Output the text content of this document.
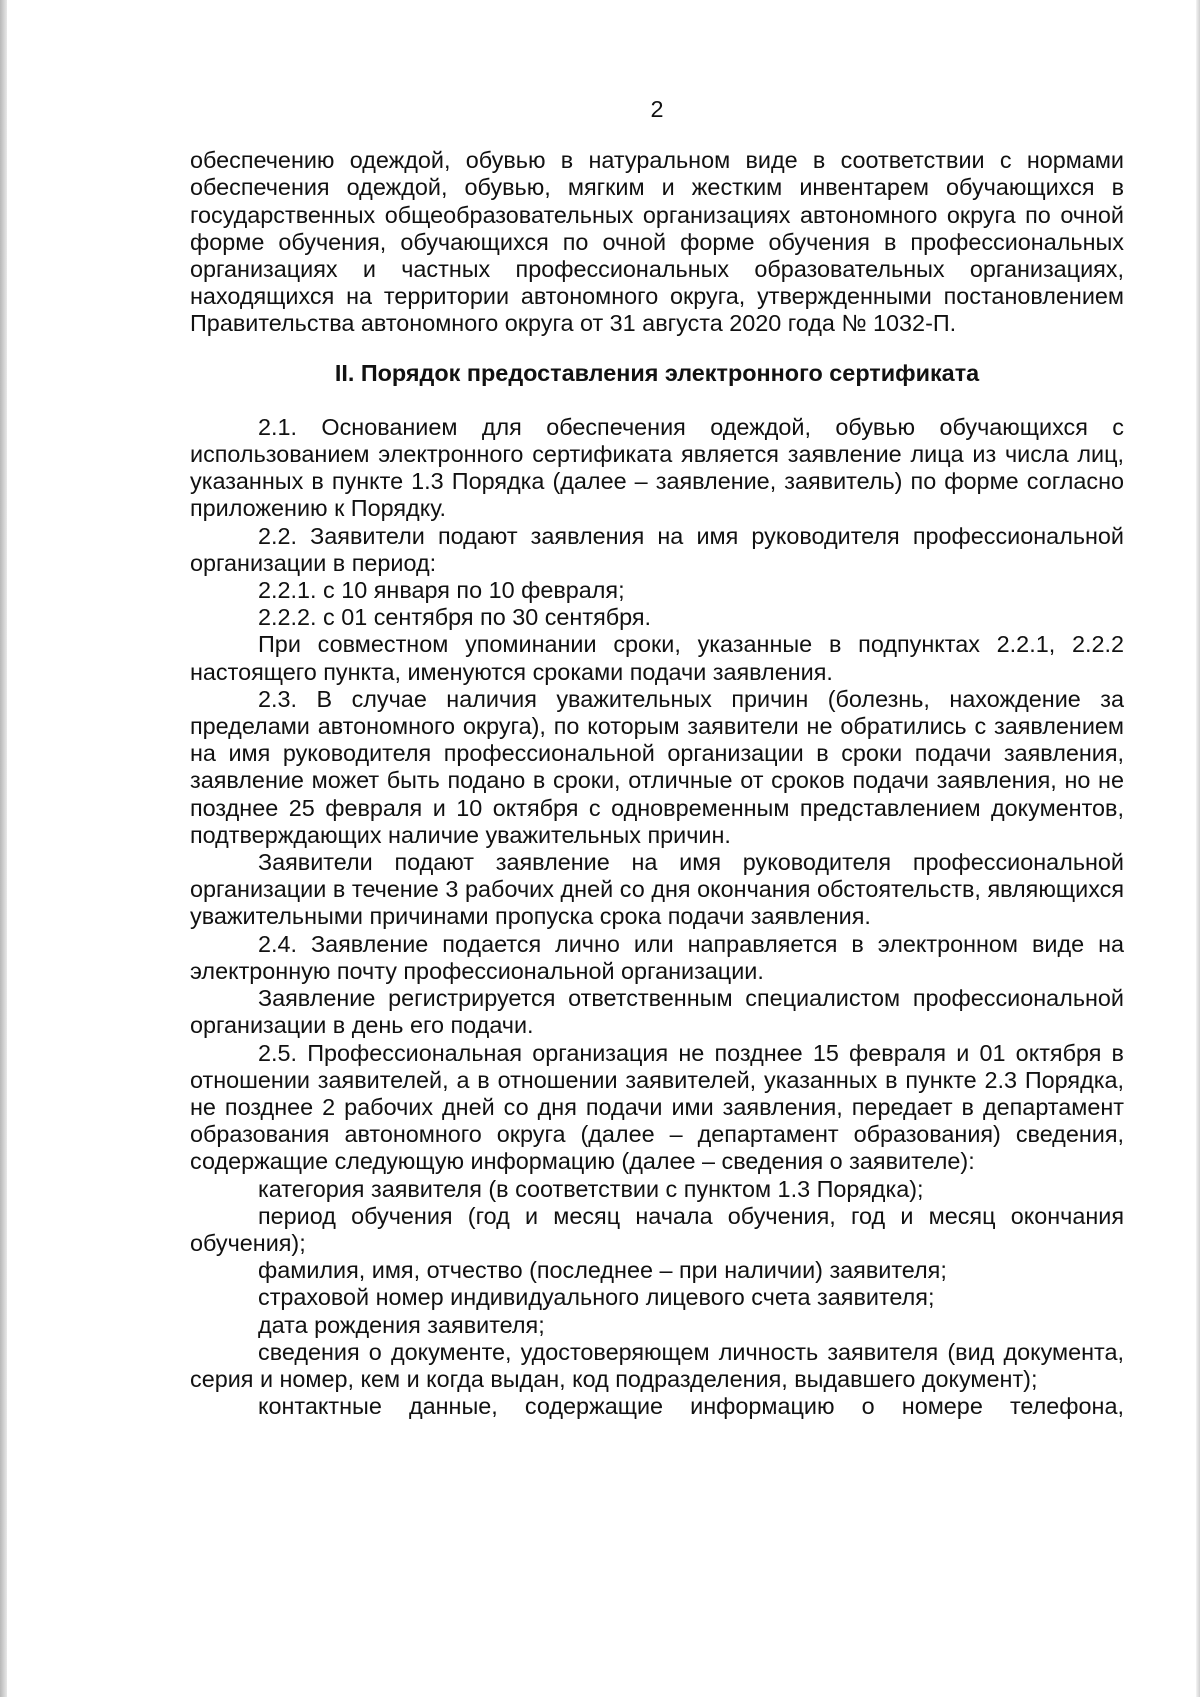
2

обеспечению одеждой, обувью в натуральном виде в соответствии с нормами обеспечения одеждой, обувью, мягким и жестким инвентарем обучающихся в государственных общеобразовательных организациях автономного округа по очной форме обучения, обучающихся по очной форме обучения в профессиональных организациях и частных профессиональных образовательных организациях, находящихся на территории автономного округа, утвержденными постановлением Правительства автономного округа от 31 августа 2020 года № 1032-П.

II. Порядок предоставления электронного сертификата

2.1. Основанием для обеспечения одеждой, обувью обучающихся с использованием электронного сертификата является заявление лица из числа лиц, указанных в пункте 1.3 Порядка (далее – заявление, заявитель) по форме согласно приложению к Порядку.

2.2. Заявители подают заявления на имя руководителя профессиональной организации в период:

2.2.1. с 10 января по 10 февраля;

2.2.2. с 01 сентября по 30 сентября.

При совместном упоминании сроки, указанные в подпунктах 2.2.1, 2.2.2 настоящего пункта, именуются сроками подачи заявления.

2.3. В случае наличия уважительных причин (болезнь, нахождение за пределами автономного округа), по которым заявители не обратились с заявлением на имя руководителя профессиональной организации в сроки подачи заявления, заявление может быть подано в сроки, отличные от сроков подачи заявления, но не позднее 25 февраля и 10 октября с одновременным представлением документов, подтверждающих наличие уважительных причин.

Заявители подают заявление на имя руководителя профессиональной организации в течение 3 рабочих дней со дня окончания обстоятельств, являющихся уважительными причинами пропуска срока подачи заявления.

2.4. Заявление подается лично или направляется в электронном виде на электронную почту профессиональной организации.

Заявление регистрируется ответственным специалистом профессиональной организации в день его подачи.

2.5. Профессиональная организация не позднее 15 февраля и 01 октября в отношении заявителей, а в отношении заявителей, указанных в пункте 2.3 Порядка, не позднее 2 рабочих дней со дня подачи ими заявления, передает в департамент образования автономного округа (далее – департамент образования) сведения, содержащие следующую информацию (далее – сведения о заявителе):

категория заявителя (в соответствии с пунктом 1.3 Порядка);

период обучения (год и месяц начала обучения, год и месяц окончания обучения);

фамилия, имя, отчество (последнее – при наличии) заявителя;

страховой номер индивидуального лицевого счета заявителя;

дата рождения заявителя;

сведения о документе, удостоверяющем личность заявителя (вид документа, серия и номер, кем и когда выдан, код подразделения, выдавшего документ);

контактные данные, содержащие информацию о номере телефона,
